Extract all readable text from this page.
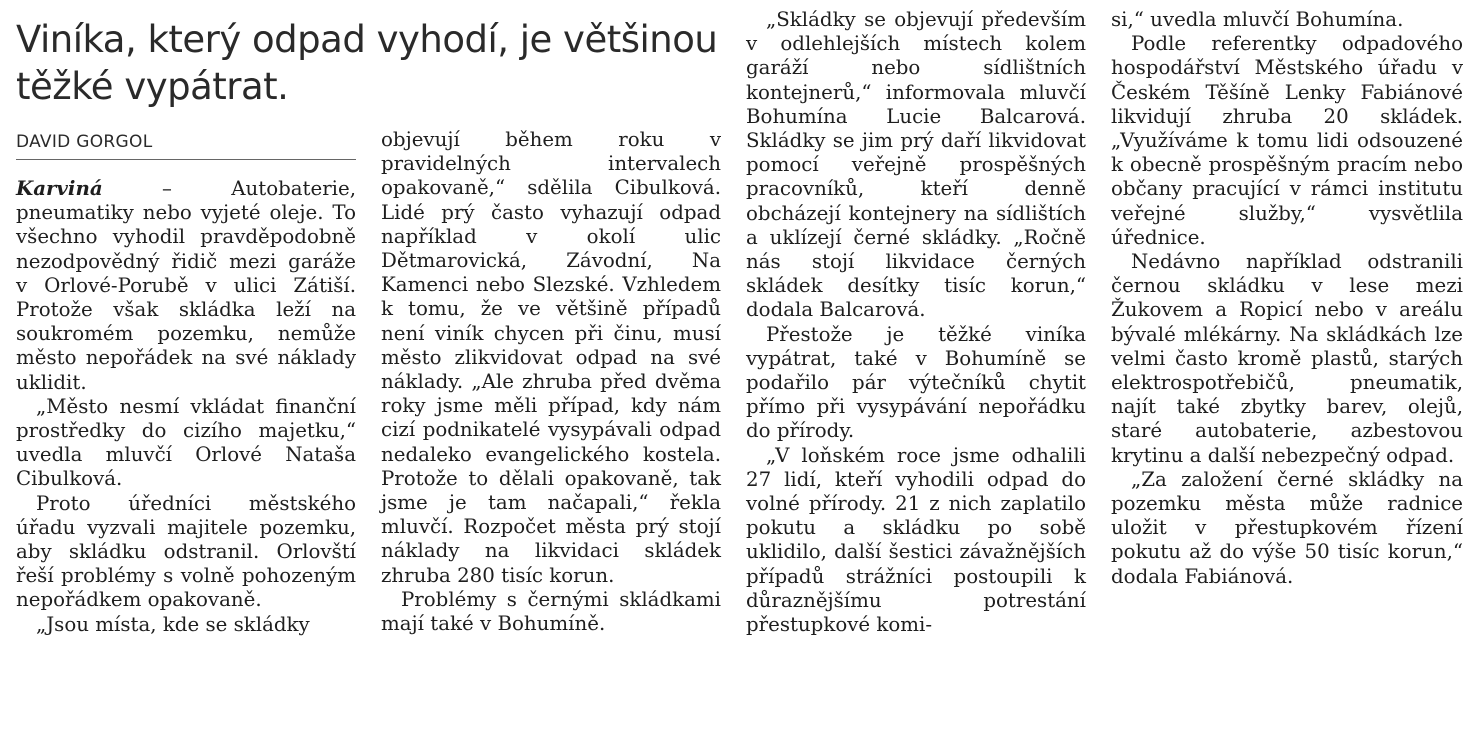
Viníka, který odpad vyhodí, je většinou těžké vypátrat.
DAVID GORGOL

Karviná – Autobaterie, pneumatiky nebo vyjeté oleje. To všechno vyhodil pravděpodobně nezodpovědný řidič mezi garáže v Orlové-Porubě v ulici Zátiší. Protože však skládka leží na soukromém pozemku, nemůže město nepořádek na své náklady uklidit.

„Město nesmí vkládat finanční prostředky do cizího majetku,“ uvedla mluvčí Orlové Nataša Cibulková.

Proto úředníci městského úřadu vyzvali majitele pozemku, aby skládku odstranil. Orlovští řeší problémy s volně pohozeným nepořádkem opakovaně.

„Jsou místa, kde se skládky

objevují během roku v pravidelných intervalech opakovaně,“ sdělila Cibulková. Lidé prý často vyhazují odpad například v okolí ulic Dětmarovická, Závodní, Na Kamenci nebo Slezské. Vzhledem k tomu, že ve většině případů není viník chycen při činu, musí město zlikvidovat odpad na své náklady. „Ale zhruba před dvěma roky jsme měli případ, kdy nám cizí podnikatelé vysypávali odpad nedaleko evangelického kostela. Protože to dělali opakovaně, tak jsme je tam načapali,“ řekla mluvčí. Rozpočet města prý stojí náklady na likvidaci skládek zhruba 280 tisíc korun.

Problémy s černými skládkami mají také v Bohumíně.

„Skládky se objevují především v odlehlejších místech kolem garáží nebo sídlištních kontejnerů,“ informovala mluvčí Bohumína Lucie Balcarová. Skládky se jim prý daří likvidovat pomocí veřejně prospěšných pracovníků, kteří denně obcházejí kontejnery na sídlištích a uklízejí černé skládky. „Ročně nás stojí likvidace černých skládek desítky tisíc korun,“ dodala Balcarová.

Přestože je těžké viníka vypátrat, také v Bohumíně se podařilo pár výtečníků chytit přímo při vysypávání nepořádku do přírody.

„V loňském roce jsme odhalili 27 lidí, kteří vyhodili odpad do volné přírody. 21 z nich zaplatilo pokutu a skládku po sobě uklidilo, další šestici závažnějších případů strážníci postoupili k důraznějšímu potrestání přestupkové komi-

si,“ uvedla mluvčí Bohumína.

Podle referentky odpadového hospodářství Městského úřadu v Českém Těšíně Lenky Fabiánové likvidují zhruba 20 skládek. „Využíváme k tomu lidi odsouzené k obecně prospěšným pracím nebo občany pracující v rámci institutu veřejné služby,“ vysvětlila úřednice.

Nedávno například odstranili černou skládku v lese mezi Žukovem a Ropicí nebo v areálu bývalé mlékárny. Na skládkách lze velmi často kromě plastů, starých elektrospotřebičů, pneumatik, najít také zbytky barev, olejů, staré autobaterie, azbestovou krytinu a další nebezpečný odpad.

„Za založení černé skládky na pozemku města může radnice uložit v přestupkovém řízení pokutu až do výše 50 tisíc korun,“ dodala Fabiánová.
